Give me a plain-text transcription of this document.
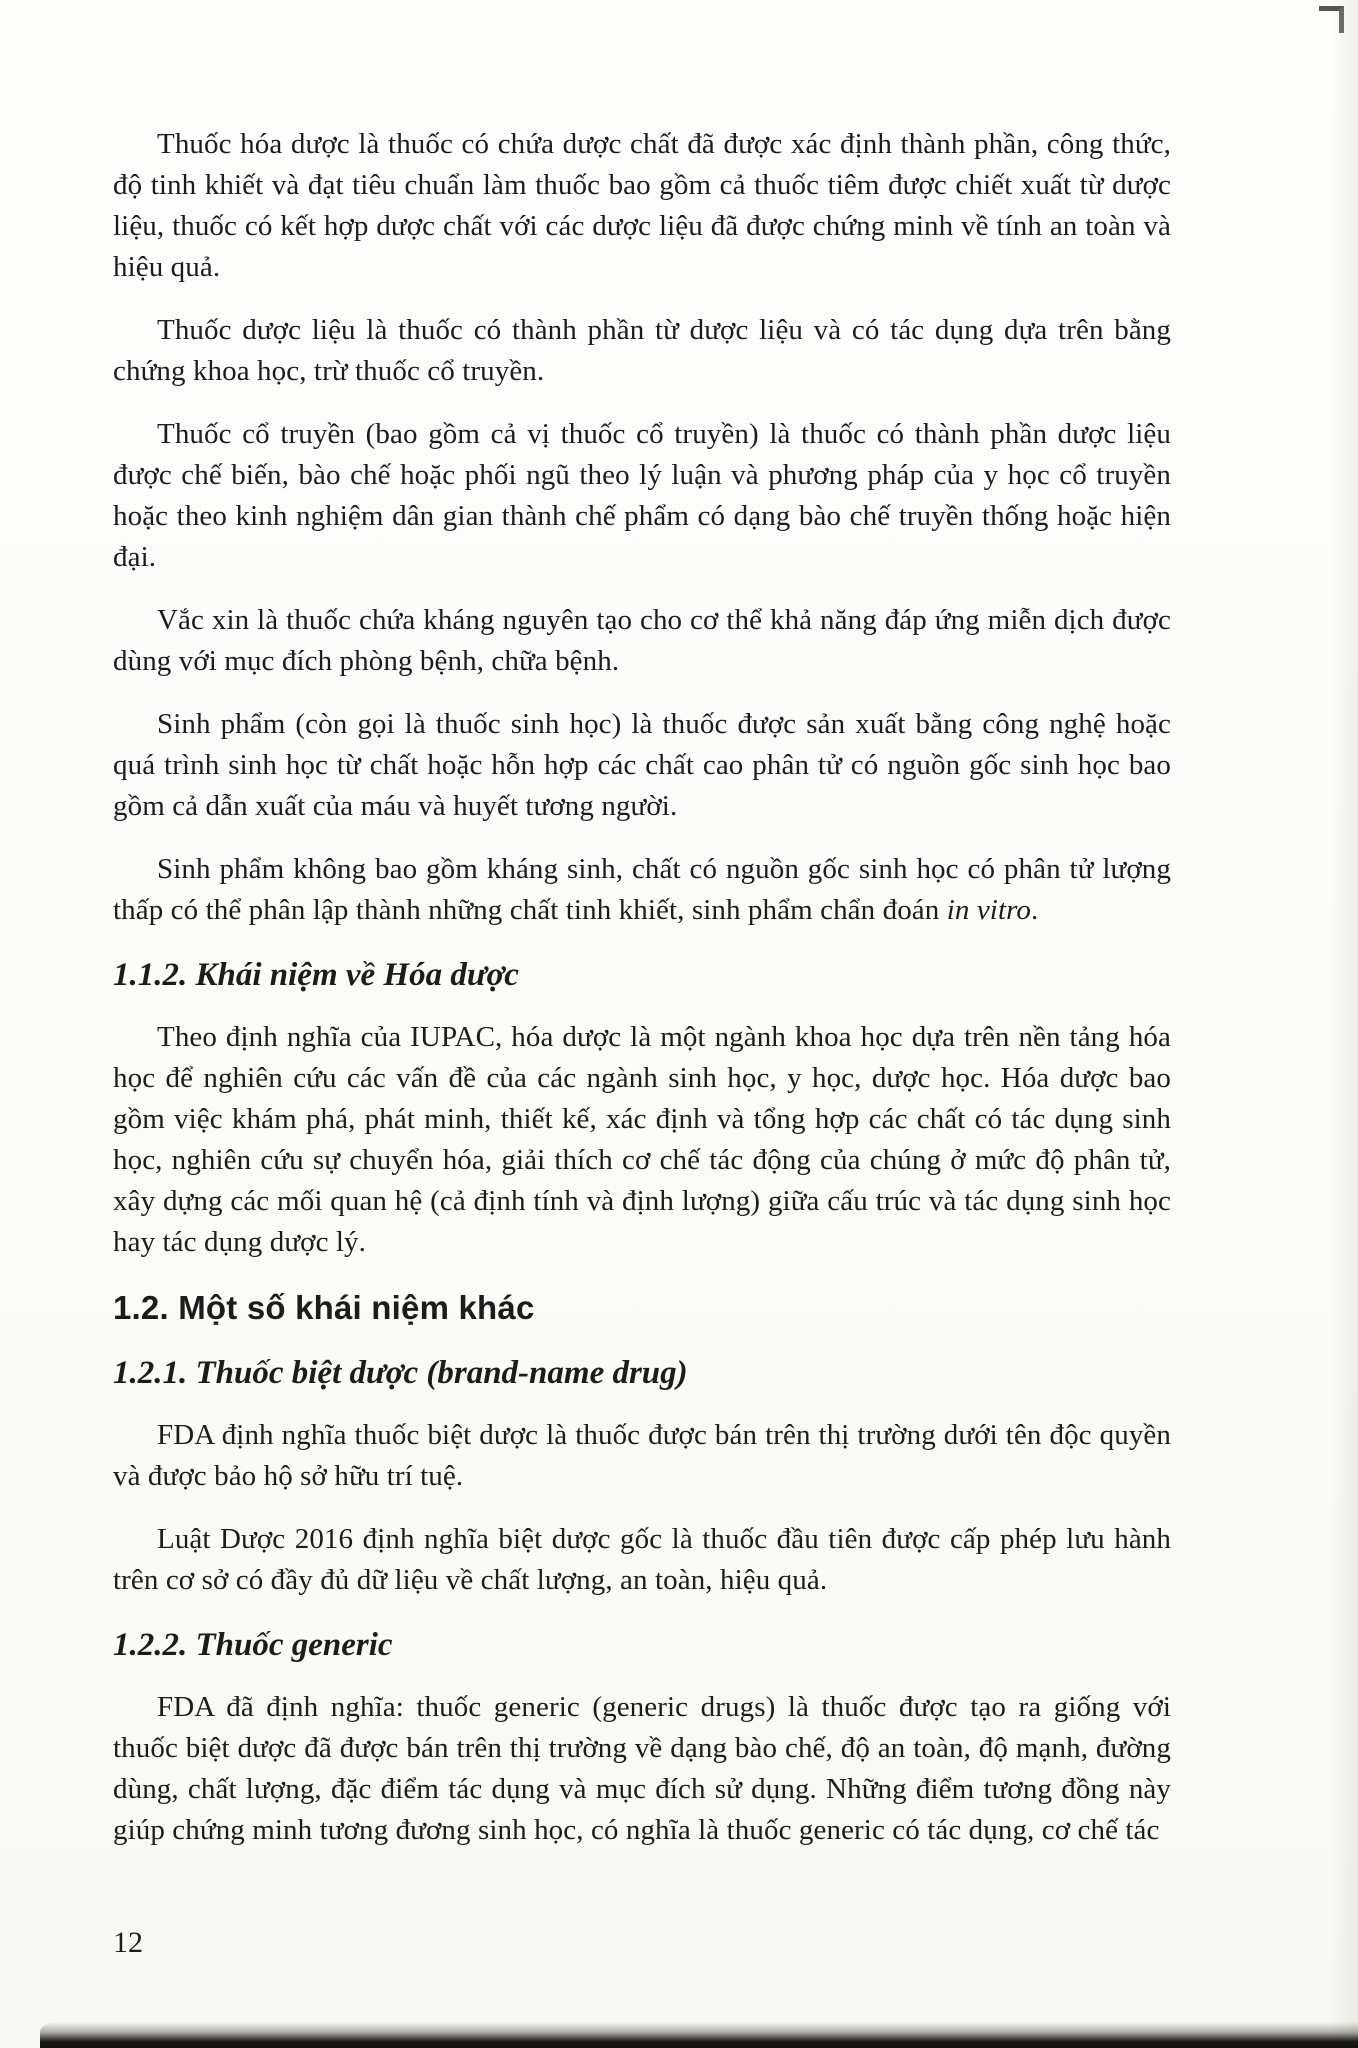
Thuốc hóa dược là thuốc có chứa dược chất đã được xác định thành phần, công thức, độ tinh khiết và đạt tiêu chuẩn làm thuốc bao gồm cả thuốc tiêm được chiết xuất từ dược liệu, thuốc có kết hợp dược chất với các dược liệu đã được chứng minh về tính an toàn và hiệu quả.

Thuốc dược liệu là thuốc có thành phần từ dược liệu và có tác dụng dựa trên bằng chứng khoa học, trừ thuốc cổ truyền.

Thuốc cổ truyền (bao gồm cả vị thuốc cổ truyền) là thuốc có thành phần dược liệu được chế biến, bào chế hoặc phối ngũ theo lý luận và phương pháp của y học cổ truyền hoặc theo kinh nghiệm dân gian thành chế phẩm có dạng bào chế truyền thống hoặc hiện đại.

Vắc xin là thuốc chứa kháng nguyên tạo cho cơ thể khả năng đáp ứng miễn dịch được dùng với mục đích phòng bệnh, chữa bệnh.

Sinh phẩm (còn gọi là thuốc sinh học) là thuốc được sản xuất bằng công nghệ hoặc quá trình sinh học từ chất hoặc hỗn hợp các chất cao phân tử có nguồn gốc sinh học bao gồm cả dẫn xuất của máu và huyết tương người.

Sinh phẩm không bao gồm kháng sinh, chất có nguồn gốc sinh học có phân tử lượng thấp có thể phân lập thành những chất tinh khiết, sinh phẩm chẩn đoán in vitro.

1.1.2. Khái niệm về Hóa dược

Theo định nghĩa của IUPAC, hóa dược là một ngành khoa học dựa trên nền tảng hóa học để nghiên cứu các vấn đề của các ngành sinh học, y học, dược học. Hóa dược bao gồm việc khám phá, phát minh, thiết kế, xác định và tổng hợp các chất có tác dụng sinh học, nghiên cứu sự chuyển hóa, giải thích cơ chế tác động của chúng ở mức độ phân tử, xây dựng các mối quan hệ (cả định tính và định lượng) giữa cấu trúc và tác dụng sinh học hay tác dụng dược lý.

1.2. Một số khái niệm khác
1.2.1. Thuốc biệt dược (brand-name drug)

FDA định nghĩa thuốc biệt dược là thuốc được bán trên thị trường dưới tên độc quyền và được bảo hộ sở hữu trí tuệ.

Luật Dược 2016 định nghĩa biệt dược gốc là thuốc đầu tiên được cấp phép lưu hành trên cơ sở có đầy đủ dữ liệu về chất lượng, an toàn, hiệu quả.

1.2.2. Thuốc generic

FDA đã định nghĩa: thuốc generic (generic drugs) là thuốc được tạo ra giống với thuốc biệt dược đã được bán trên thị trường về dạng bào chế, độ an toàn, độ mạnh, đường dùng, chất lượng, đặc điểm tác dụng và mục đích sử dụng. Những điểm tương đồng này giúp chứng minh tương đương sinh học, có nghĩa là thuốc generic có tác dụng, cơ chế tác

12
